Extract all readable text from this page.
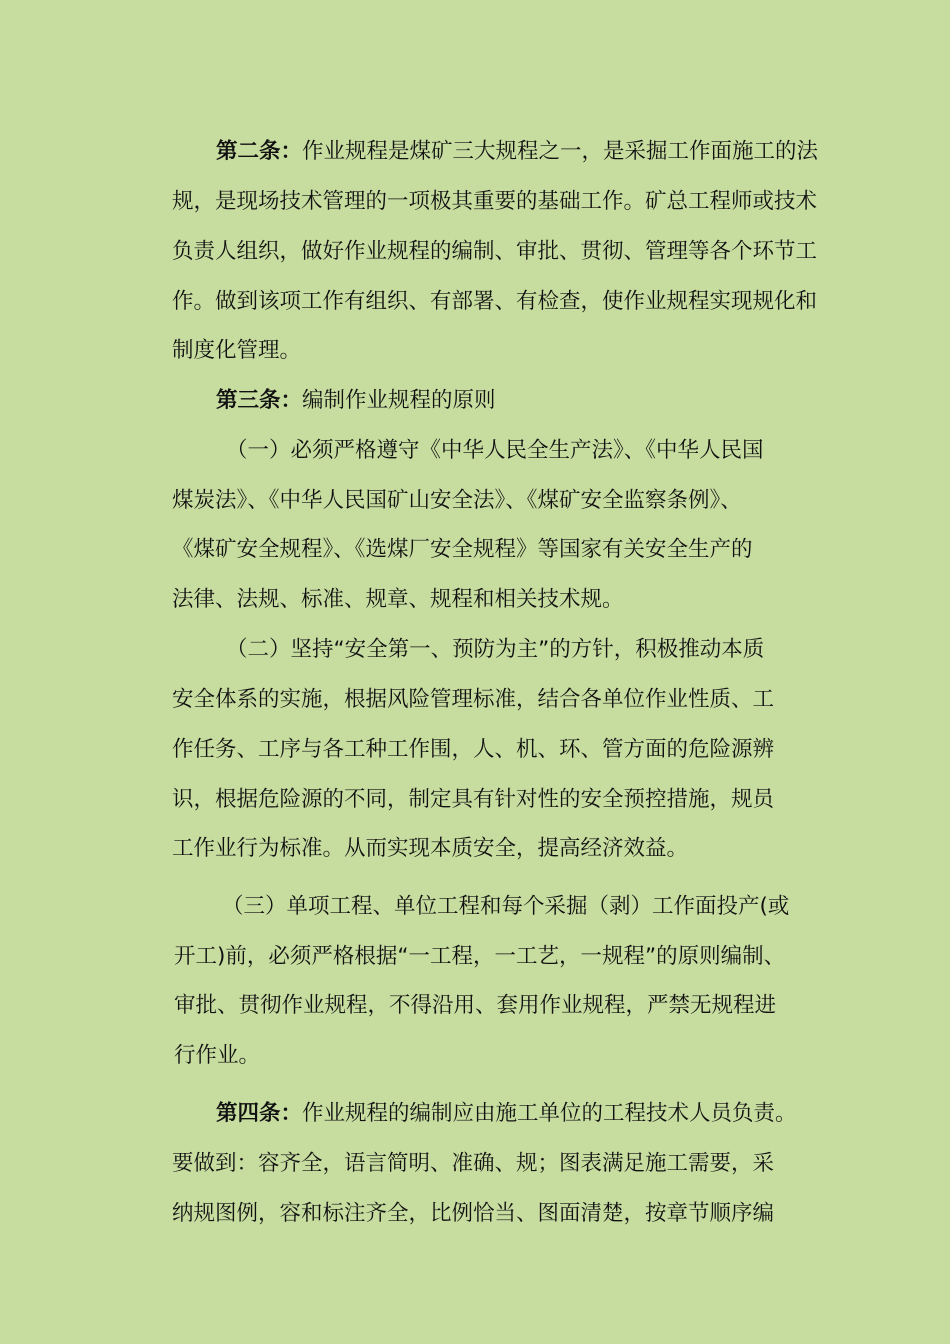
第二条：作业规程是煤矿三大规程之一，是采掘工作面施工的法
规，是现场技术管理的一项极其重要的基础工作。矿总工程师或技术
负责人组织，做好作业规程的编制、审批、贯彻、管理等各个环节工
作。做到该项工作有组织、有部署、有检查，使作业规程实现规化和
制度化管理。
第三条：编制作业规程的原则
（一）必须严格遵守《中华人民全生产法》、《中华人民国
煤炭法》、《中华人民国矿山安全法》、《煤矿安全监察条例》、
《煤矿安全规程》、《选煤厂安全规程》等国家有关安全生产的
法律、法规、标准、规章、规程和相关技术规。
（二）坚持“安全第一、预防为主”的方针，积极推动本质
安全体系的实施，根据风险管理标准，结合各单位作业性质、工
作任务、工序与各工种工作围，人、机、环、管方面的危险源辨
识，根据危险源的不同，制定具有针对性的安全预控措施，规员
工作业行为标准。从而实现本质安全，提高经济效益。
（三）单项工程、单位工程和每个采掘（剥）工作面投产(或
开工)前，必须严格根据“一工程，一工艺，一规程”的原则编制、
审批、贯彻作业规程，不得沿用、套用作业规程，严禁无规程进
行作业。
第四条：作业规程的编制应由施工单位的工程技术人员负责。
要做到：容齐全，语言简明、准确、规；图表满足施工需要，采
纳规图例，容和标注齐全，比例恰当、图面清楚，按章节顺序编
